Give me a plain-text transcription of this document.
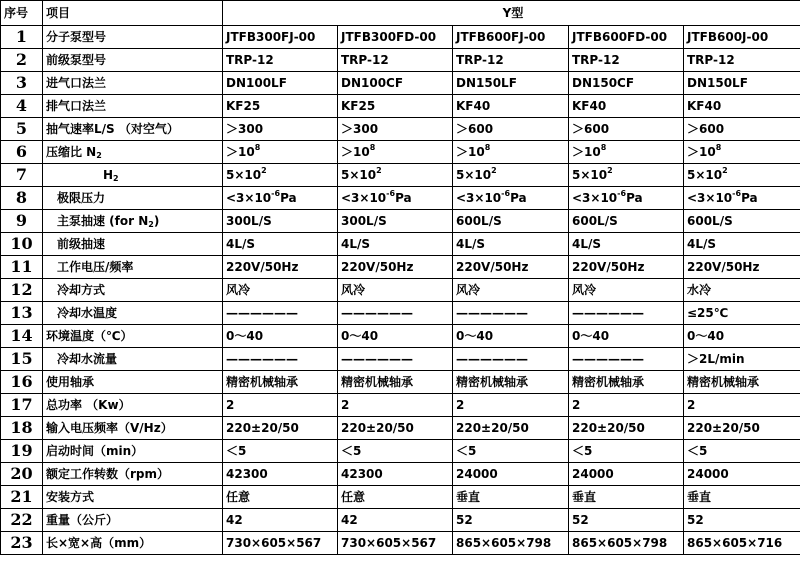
序号	项目	Y型				
1	分子泵型号	JTFB300FJ-00	JTFB300FD-00	JTFB600FJ-00	JTFB600FD-00	JTFB600J-00
2	前级泵型号	TRP-12	TRP-12	TRP-12	TRP-12	TRP-12
3	进气口法兰	DN100LF	DN100CF	DN150LF	DN150CF	DN150LF
4	排气口法兰	KF25	KF25	KF40	KF40	KF40
5	抽气速率L/S （对空气）	＞300	＞300	＞600	＞600	＞600
6	压缩比 $N_2$	$>10^8$	$>10^8$	$>10^8$	$>10^8$	$>10^8$
7	$H_2$	$5\times 10^2$	$5\times 10^2$	$5\times 10^2$	$5\times 10^2$	$5\times 10^2$
8	极限压力	$<3\times 10^{-6}Pa$	$<3\times 10^{-6}Pa$	$<3\times 10^{-6}Pa$	$<3\times 10^{-6}Pa$	$<3\times 10^{-6}Pa$
9	主泵抽速 (for $N_2$)	300L/S	300L/S	600L/S	600L/S	600L/S
10	前级抽速	4L/S	4L/S	4L/S	4L/S	4L/S
11	工作电压/频率	220V/50Hz	220V/50Hz	220V/50Hz	220V/50Hz	220V/50Hz
12	冷却方式	风冷	风冷	风冷	风冷	水冷
13	冷却水温度	——————	——————	——————	——————	≤25℃
14	环境温度（℃）	0～40	0～40	0～40	0～40	0～40
15	冷却水流量	——————	——————	——————	——————	＞2L/min
16	使用轴承	精密机械轴承	精密机械轴承	精密机械轴承	精密机械轴承	精密机械轴承
17	总功率 （Kw）	2	2	2	2	2
18	输入电压频率（V/Hz）	220±20/50	220±20/50	220±20/50	220±20/50	220±20/50
19	启动时间（min）	＜5	＜5	＜5	＜5	＜5
20	额定工作转数（rpm）	42300	42300	24000	24000	24000
21	安装方式	任意	任意	垂直	垂直	垂直
22	重量（公斤）	42	42	52	52	52
23	长×宽×高（mm）	730×605×567	730×605×567	865×605×798	865×605×798	865×605×716
